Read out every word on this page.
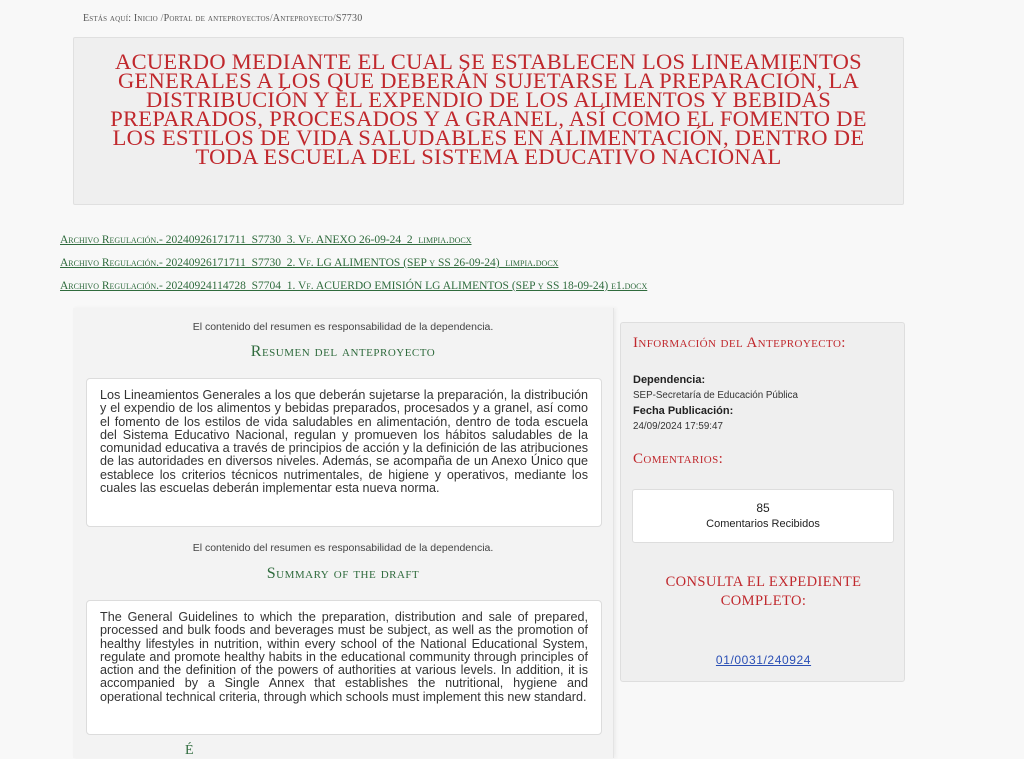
Estás aquí: Inicio /Portal de anteproyectos/Anteproyecto/S7730
ACUERDO MEDIANTE EL CUAL SE ESTABLECEN LOS LINEAMIENTOS GENERALES A LOS QUE DEBERÁN SUJETARSE LA PREPARACIÓN, LA DISTRIBUCIÓN Y EL EXPENDIO DE LOS ALIMENTOS Y BEBIDAS PREPARADOS, PROCESADOS Y A GRANEL, ASÍ COMO EL FOMENTO DE LOS ESTILOS DE VIDA SALUDABLES EN ALIMENTACIÓN, DENTRO DE TODA ESCUELA DEL SISTEMA EDUCATIVO NACIONAL
Archivo Regulación.- 20240926171711_S7730_3. Vf. ANEXO 26-09-24_2_limpia.docx
Archivo Regulación.- 20240926171711_S7730_2. Vf. LG ALIMENTOS (SEP y SS 26-09-24)_limpia.docx
Archivo Regulación.- 20240924114728_S7704_1. Vf. ACUERDO EMISIÓN LG ALIMENTOS (SEP y SS 18-09-24) e1.docx
El contenido del resumen es responsabilidad de la dependencia.
Resumen del anteproyecto
Los Lineamientos Generales a los que deberán sujetarse la preparación, la distribución y el expendio de los alimentos y bebidas preparados, procesados y a granel, así como el fomento de los estilos de vida saludables en alimentación, dentro de toda escuela del Sistema Educativo Nacional, regulan y promueven los hábitos saludables de la comunidad educativa a través de principios de acción y la definición de las atribuciones de las autoridades en diversos niveles. Además, se acompaña de un Anexo Único que establece los criterios técnicos nutrimentales, de higiene y operativos, mediante los cuales las escuelas deberán implementar esta nueva norma.
El contenido del resumen es responsabilidad de la dependencia.
Summary of the draft
The General Guidelines to which the preparation, distribution and sale of prepared, processed and bulk foods and beverages must be subject, as well as the promotion of healthy lifestyles in nutrition, within every school of the National Educational System, regulate and promote healthy habits in the educational community through principles of action and the definition of the powers of authorities at various levels. In addition, it is accompanied by a Single Annex that establishes the nutritional, hygiene and operational technical criteria, through which schools must implement this new standard.
Información del Anteproyecto:
Dependencia:
SEP-Secretaría de Educación Pública
Fecha Publicación:
24/09/2024 17:59:47
Comentarios:
85
Comentarios Recibidos
CONSULTA EL EXPEDIENTE COMPLETO:
01/0031/240924
É
